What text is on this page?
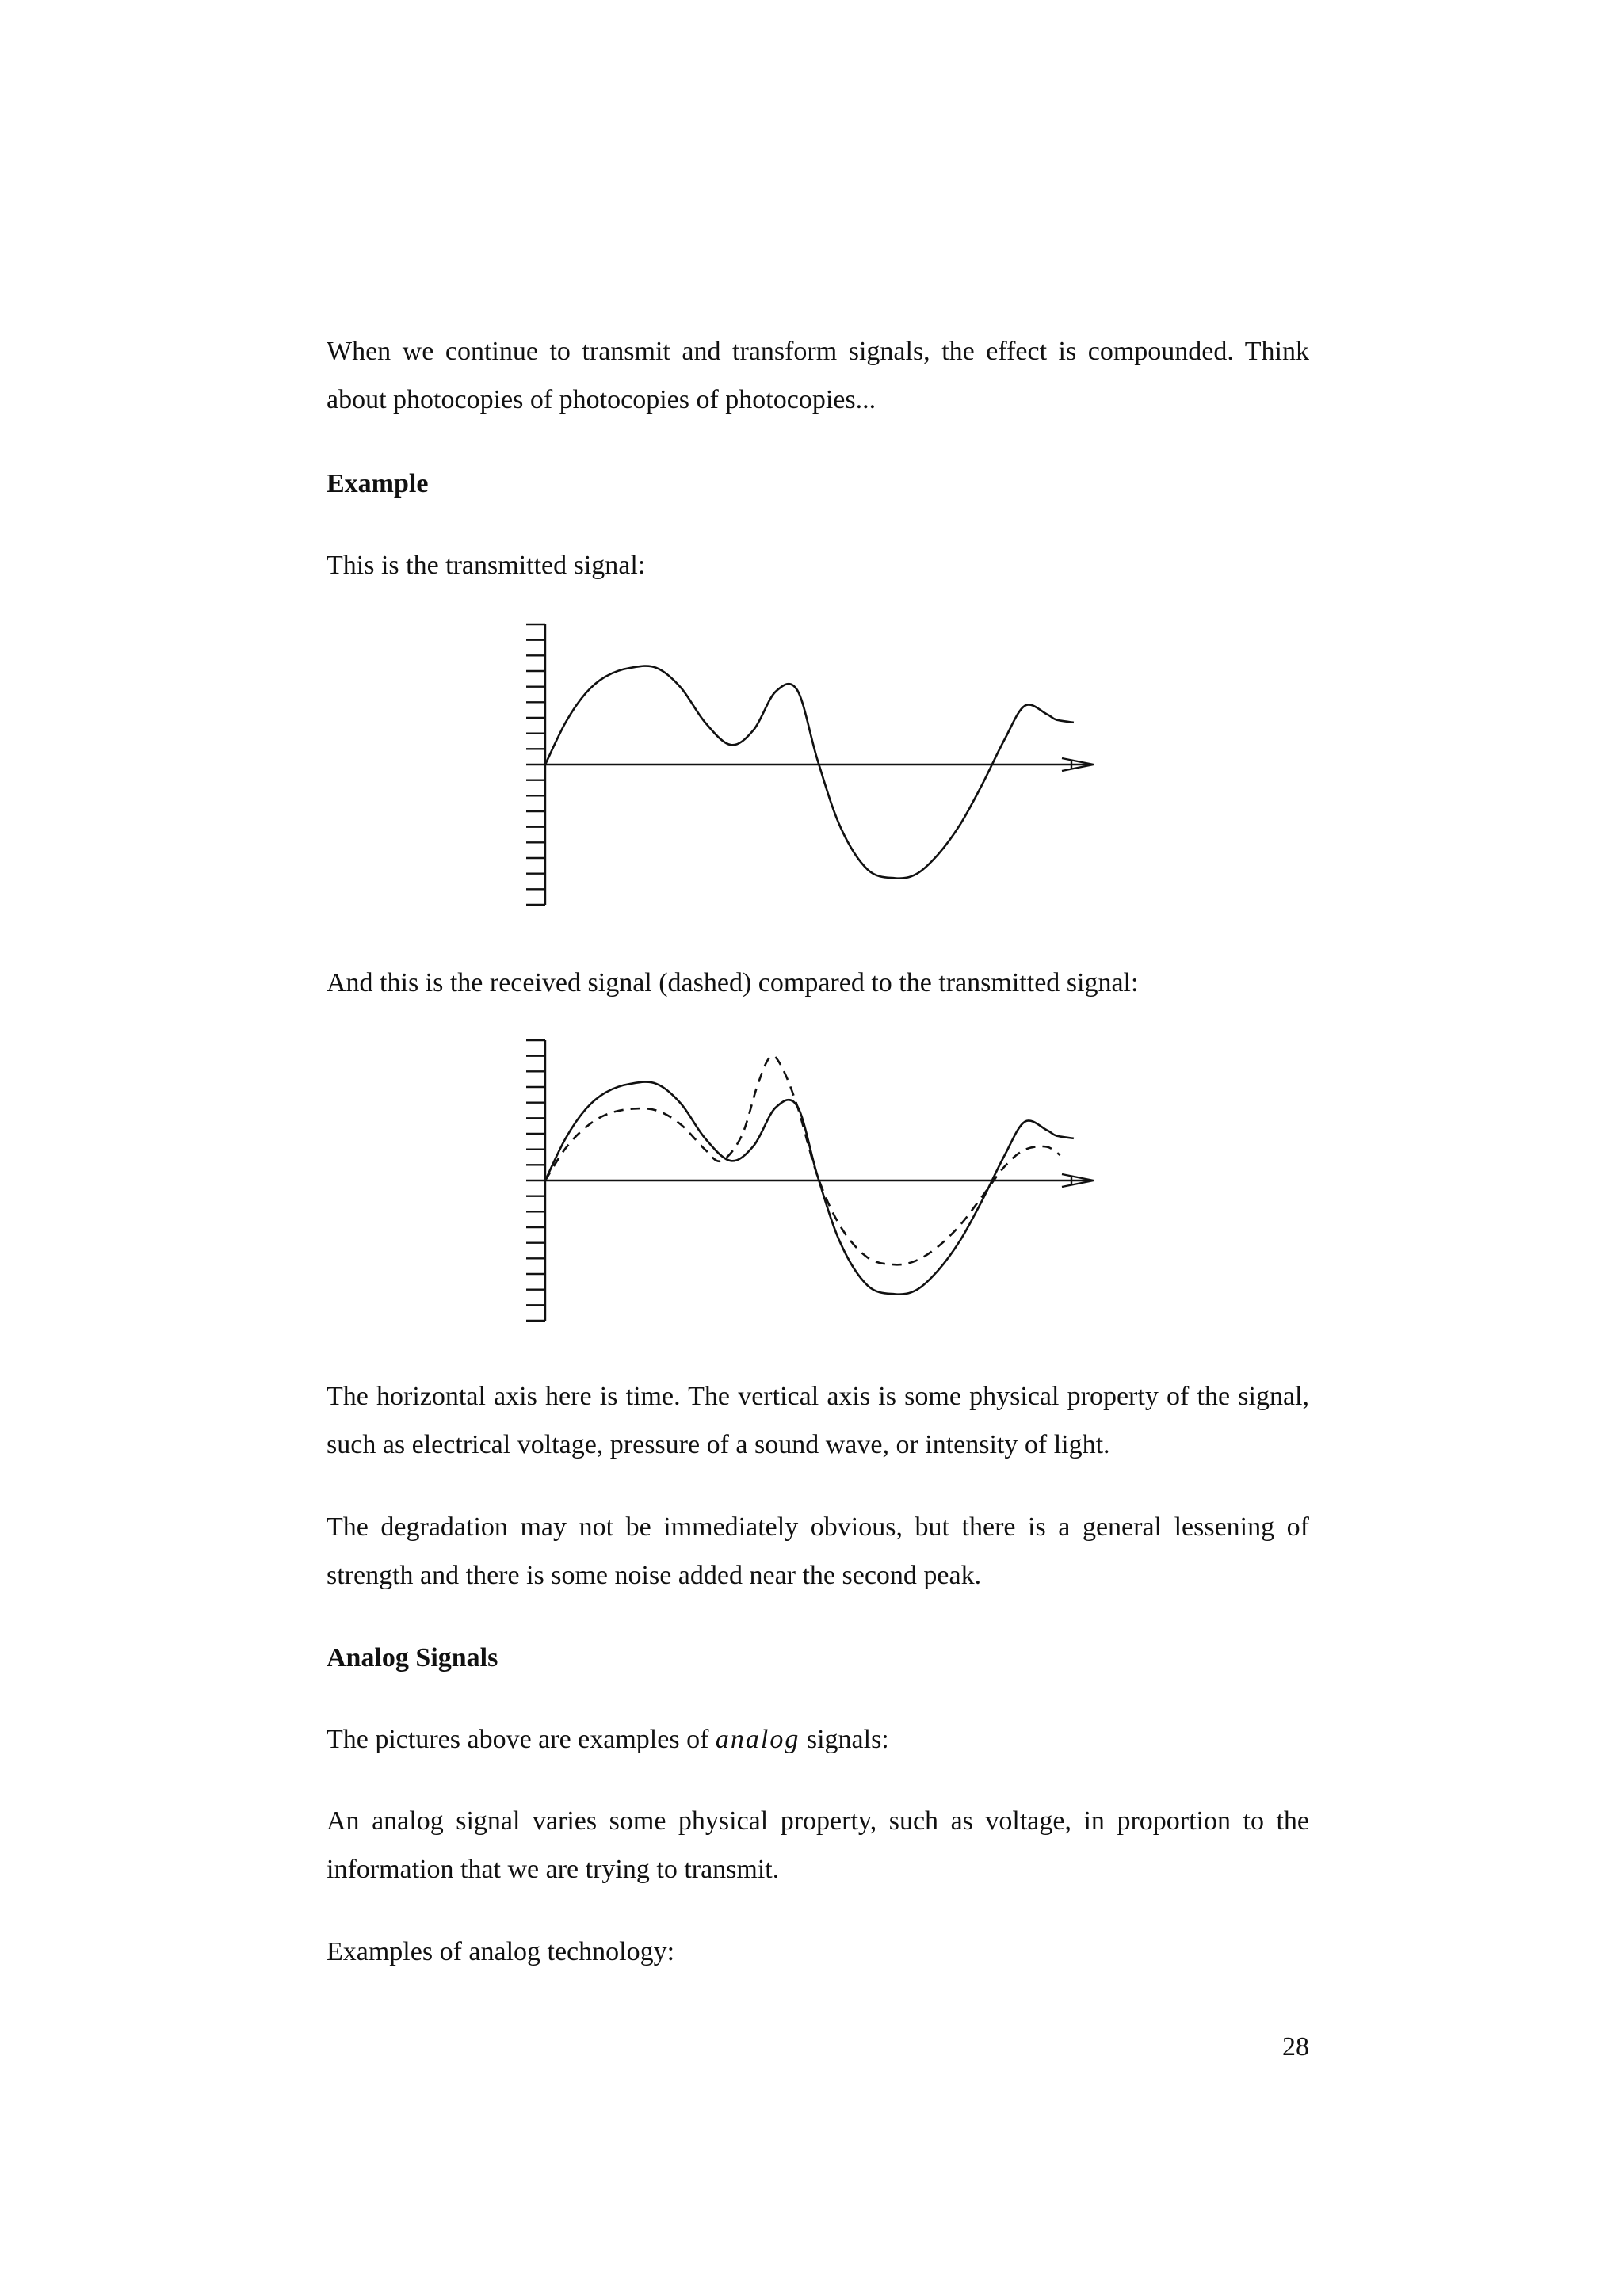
When we continue to transmit and transform signals, the effect is compounded. Think about photocopies of photocopies of photocopies...

Example

This is the transmitted signal:

And this is the received signal (dashed) compared to the transmitted signal:

The horizontal axis here is time. The vertical axis is some physical property of the signal, such as electrical voltage, pressure of a sound wave, or intensity of light.

The degradation may not be immediately obvious, but there is a general lessening of strength and there is some noise added near the second peak.

Analog Signals

The pictures above are examples of analog signals:

An analog signal varies some physical property, such as voltage, in proportion to the information that we are trying to transmit.

Examples of analog technology:

28
